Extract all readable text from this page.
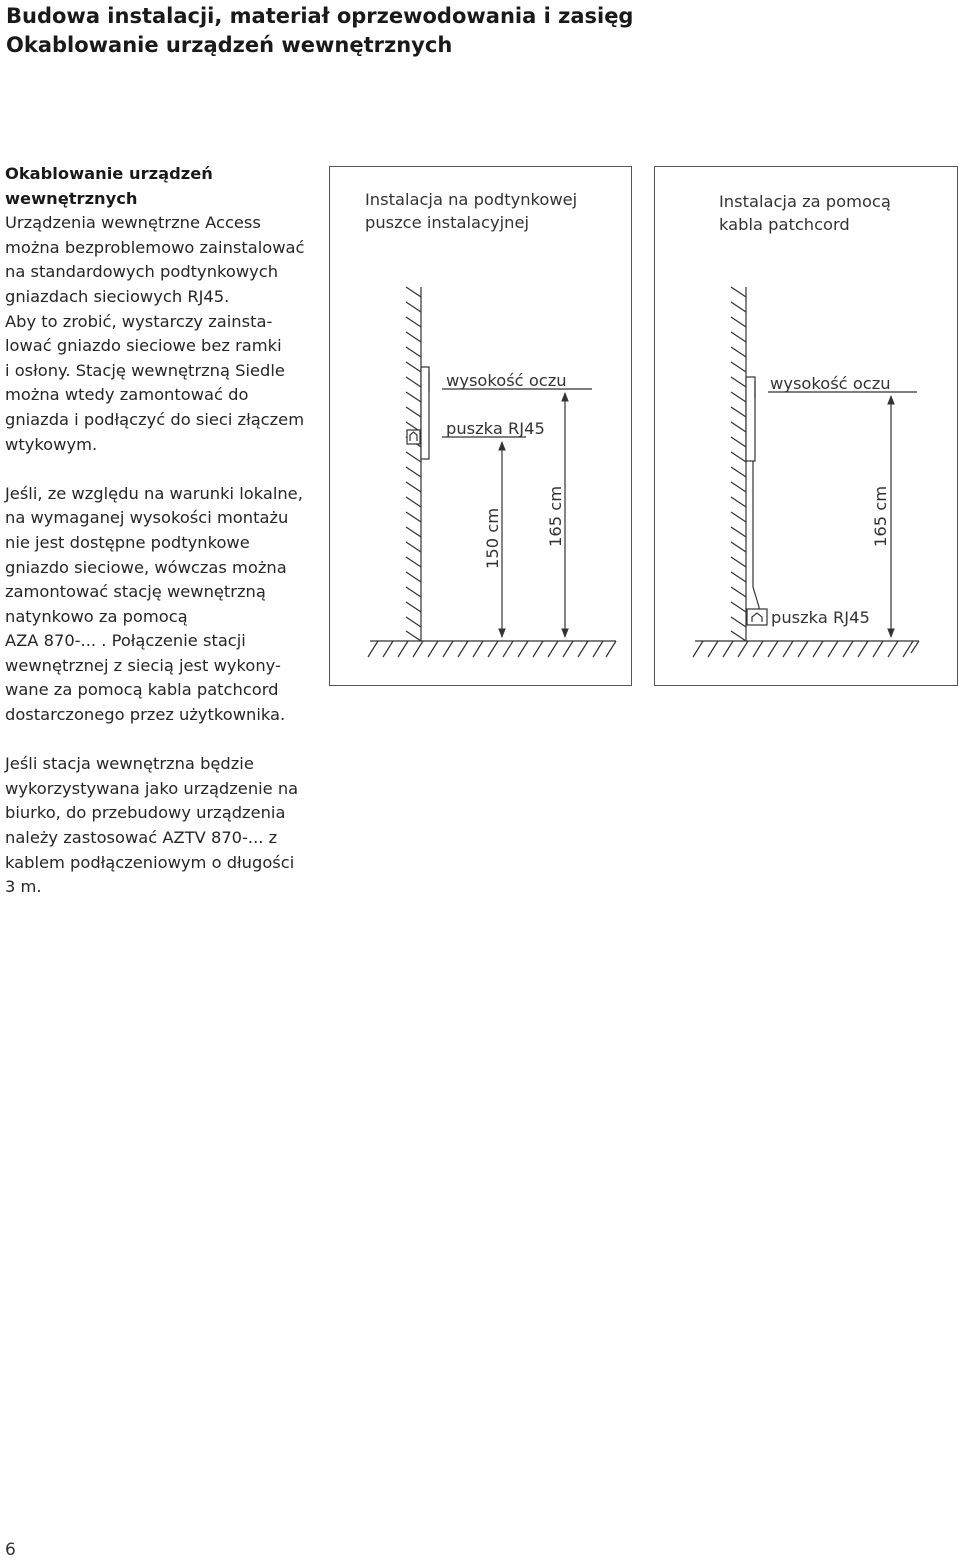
Budowa instalacji, materiał oprzewodowania i zasięg
Okablowanie urządzeń wewnętrznych

Okablowanie urządzeń wewnętrznych
Urządzenia wewnętrzne Access
można bezproblemowo zainstalować
na standardowych podtynkowych
gniazdach sieciowych RJ45.
Aby to zrobić, wystarczy zainsta-
lować gniazdo sieciowe bez ramki
i osłony. Stację wewnętrzną Siedle
można wtedy zamontować do
gniazda i podłączyć do sieci złączem
wtykowym.

Jeśli, ze względu na warunki lokalne,
na wymaganej wysokości montażu
nie jest dostępne podtynkowe
gniazdo sieciowe, wówczas można
zamontować stację wewnętrzną
natynkowo za pomocą
AZA 870-... . Połączenie stacji
wewnętrznej z siecią jest wykony-
wane za pomocą kabla patchcord
dostarczonego przez użytkownika.

Jeśli stacja wewnętrzna będzie
wykorzystywana jako urządzenie na
biurko, do przebudowy urządzenia
należy zastosować AZTV 870-... z
kablem podłączeniowym o długości
3 m.

Instalacja na podtynkowej
puszce instalacyjnej
wysokość oczu
puszka RJ45
150 cm	165 cm
Instalacja za pomocą
kabla patchcord
wysokość oczu
puszka RJ45
165 cm
6
